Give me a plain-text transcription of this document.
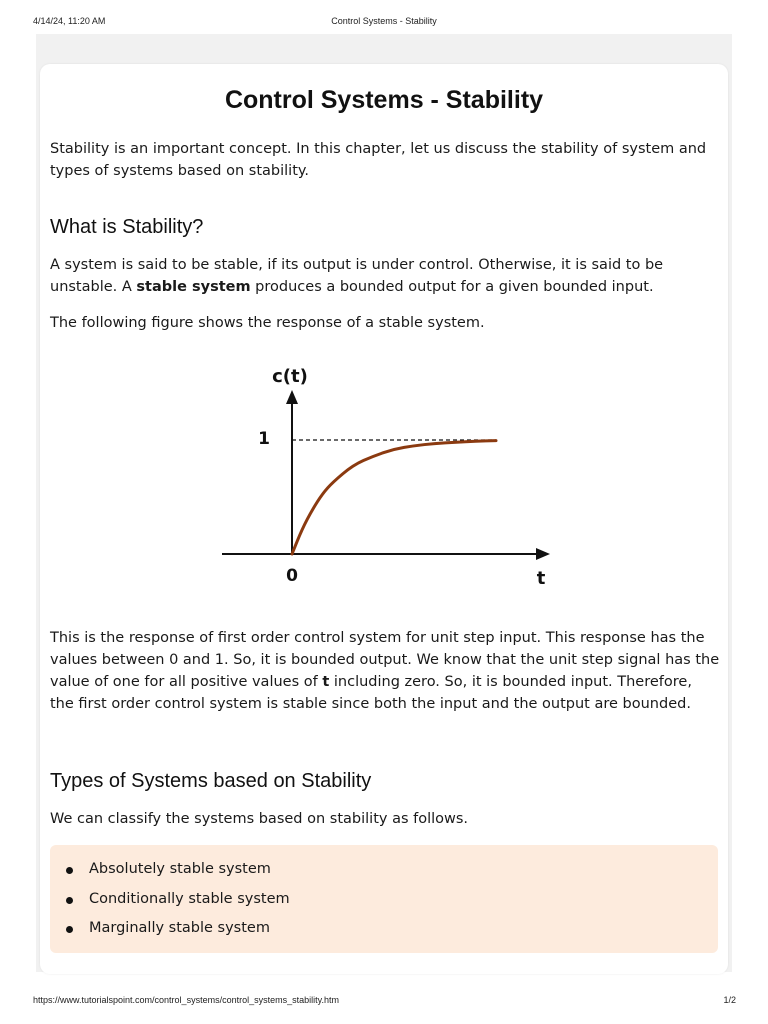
4/14/24, 11:20 AM	Control Systems - Stability
Control Systems - Stability

Stability is an important concept. In this chapter, let us discuss the stability of system and types of systems based on stability.

What is Stability?

A system is said to be stable, if its output is under control. Otherwise, it is said to be unstable. A stable system produces a bounded output for a given bounded input.

The following figure shows the response of a stable system.

c(t)
1
0	t

This is the response of first order control system for unit step input. This response has the values between 0 and 1. So, it is bounded output. We know that the unit step signal has the value of one for all positive values of t including zero. So, it is bounded input. Therefore, the first order control system is stable since both the input and the output are bounded.

Types of Systems based on Stability

We can classify the systems based on stability as follows.

Absolutely stable system
Conditionally stable system
Marginally stable system
https://www.tutorialspoint.com/control_systems/control_systems_stability.htm	1/2
